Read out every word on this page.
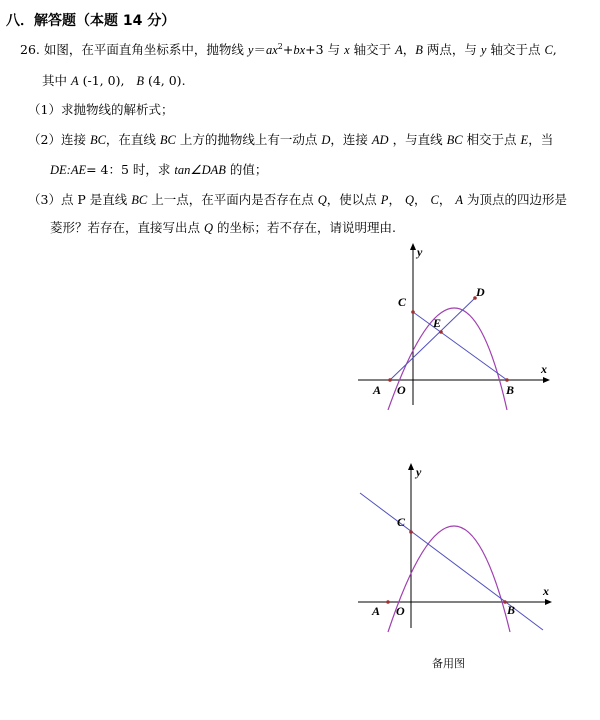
八．解答题（本题 14 分）
26. 如图，在平面直角坐标系中，抛物线 $y=ax^2+bx+3$ 与 x 轴交于 A，B 两点，与 y 轴交于点 C,
其中 A (-1, 0), B (4, 0).
（1）求抛物线的解析式；
（2）连接 BC，在直线 BC 上方的抛物线上有一动点 D，连接 AD ，与直线 BC 相交于点 E，当
DE:AE= 4：5 时，求 tan∠DAB 的值；
（3）点 P 是直线 BC 上一点，在平面内是否存在点 Q，使以点 P， Q， C， A 为顶点的四边形是
菱形？若存在，直接写出点 Q 的坐标；若不存在，请说明理由.
y
x
C
D
E
A O	B
y
x
C
A O	B
备用图
